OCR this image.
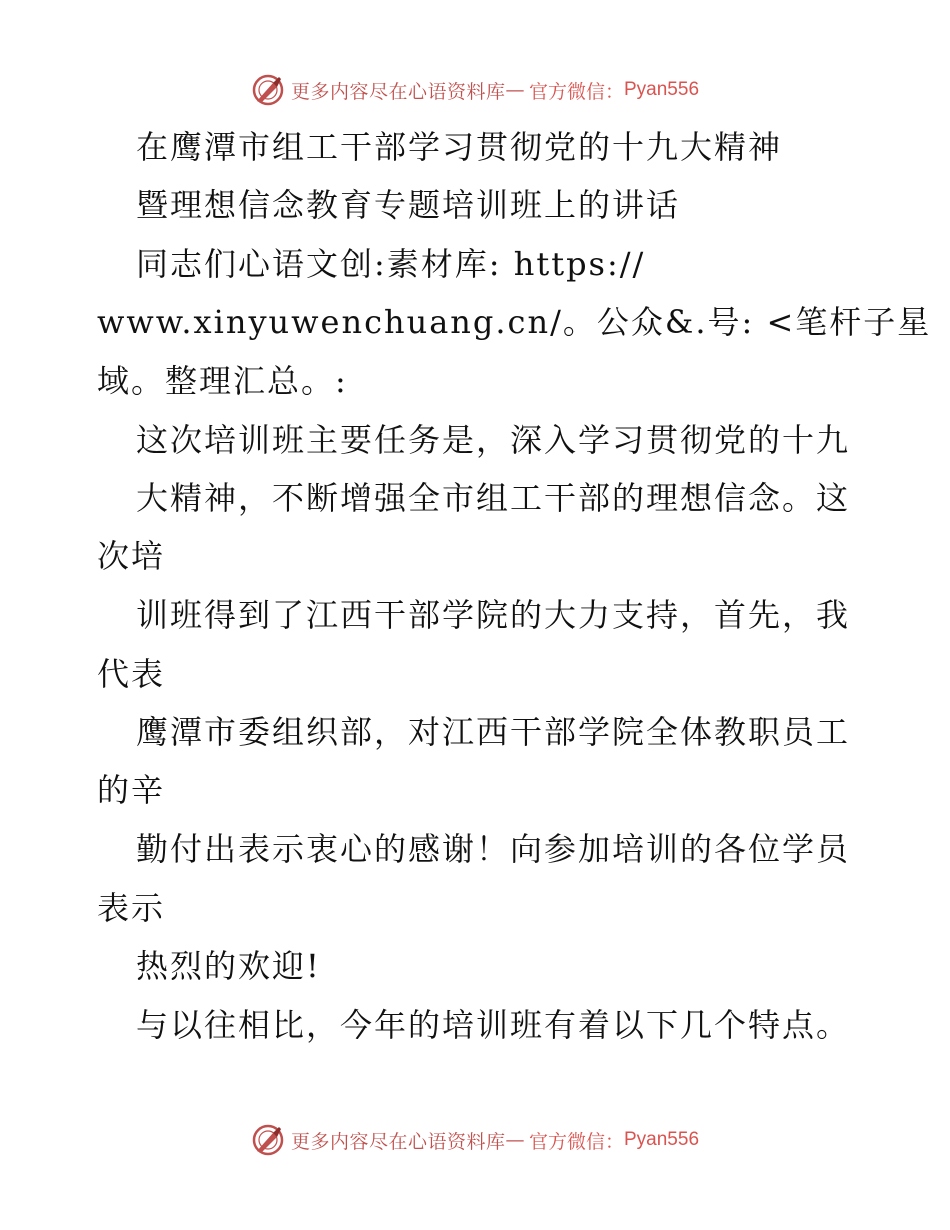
更多内容尽在心语资料库 — 官方微信： Pyan556
在鹰潭市组工干部学习贯彻党的十九大精神
暨理想信念教育专题培训班上的讲话
同志们心语文创:素材库: https://
www.xinyuwenchuang.cn/。公众&.号: <笔杆子星
域。整理汇总。:
这次培训班主要任务是，深入学习贯彻党的十九
大精神，不断增强全市组工干部的理想信念。这
次培
训班得到了江西干部学院的大力支持，首先，我
代表
鹰潭市委组织部，对江西干部学院全体教职员工
的辛
勤付出表示衷心的感谢！向参加培训的各位学员
表示
热烈的欢迎!
与以往相比，今年的培训班有着以下几个特点。
更多内容尽在心语资料库 — 官方微信： Pyan556
